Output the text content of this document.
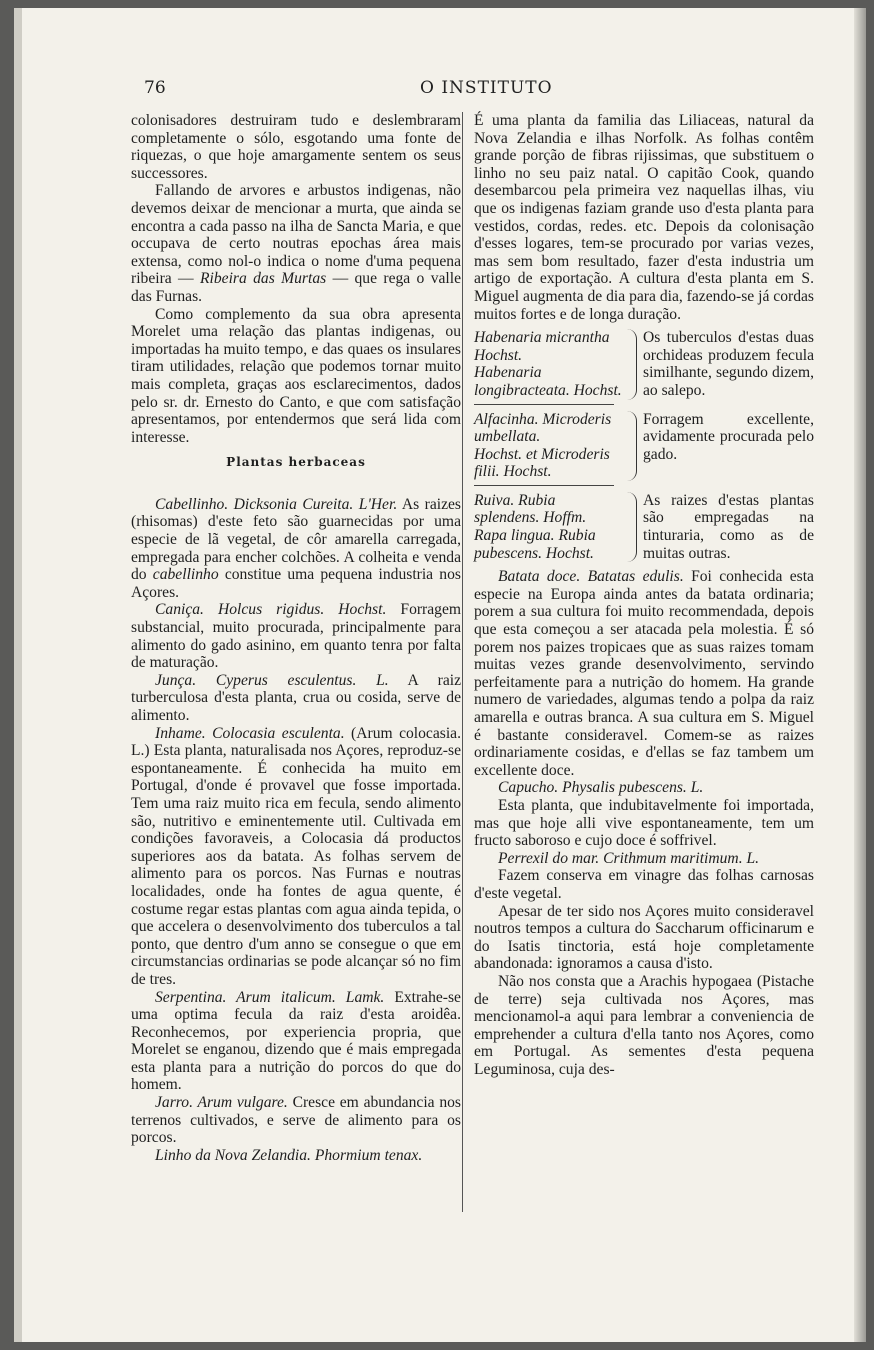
76	O INSTITUTO

colonisadores destruiram tudo e deslembraram completamente o sólo, esgotando uma fonte de riquezas, o que hoje amargamente sentem os seus successores.

Fallando de arvores e arbustos indigenas, não devemos deixar de mencionar a murta, que ainda se encontra a cada passo na ilha de Sancta Maria, e que occupava de certo noutras epochas área mais extensa, como nol-o indica o nome d'uma pequena ribeira — Ribeira das Murtas — que rega o valle das Furnas.

Como complemento da sua obra apresenta Morelet uma relação das plantas indigenas, ou importadas ha muito tempo, e das quaes os insulares tiram utilidades, relação que podemos tornar muito mais completa, graças aos esclarecimentos, dados pelo sr. dr. Ernesto do Canto, e que com satisfação apresentamos, por entendermos que será lida com interesse.

Plantas herbaceas

Cabellinho. Dicksonia Cureita. L'Her. As raizes (rhisomas) d'este feto são guarnecidas por uma especie de lã vegetal, de côr amarella carregada, empregada para encher colchões. A colheita e venda do cabellinho constitue uma pequena industria nos Açores.

Caniça. Holcus rigidus. Hochst. Forragem substancial, muito procurada, principalmente para alimento do gado asinino, em quanto tenra por falta de maturação.

Junça. Cyperus esculentus. L. A raiz turberculosa d'esta planta, crua ou cosida, serve de alimento.

Inhame. Colocasia esculenta. (Arum colocasia. L.) Esta planta, naturalisada nos Açores, reproduz-se espontaneamente. É conhecida ha muito em Portugal, d'onde é provavel que fosse importada. Tem uma raiz muito rica em fecula, sendo alimento são, nutritivo e eminentemente util. Cultivada em condições favoraveis, a Colocasia dá productos superiores aos da batata. As folhas servem de alimento para os porcos. Nas Furnas e noutras localidades, onde ha fontes de agua quente, é costume regar estas plantas com agua ainda tepida, o que accelera o desenvolvimento dos tuberculos a tal ponto, que dentro d'um anno se consegue o que em circumstancias ordinarias se pode alcançar só no fim de tres.

Serpentina. Arum italicum. Lamk. Extrahe-se uma optima fecula da raiz d'esta aroidêa. Reconhecemos, por experiencia propria, que Morelet se enganou, dizendo que é mais empregada esta planta para a nutrição do porcos do que do homem.

Jarro. Arum vulgare. Cresce em abundancia nos terrenos cultivados, e serve de alimento para os porcos.

Linho da Nova Zelandia. Phormium tenax.

É uma planta da familia das Liliaceas, natural da Nova Zelandia e ilhas Norfolk. As folhas contêm grande porção de fibras rijissimas, que substituem o linho no seu paiz natal. O capitão Cook, quando desembarcou pela primeira vez naquellas ilhas, viu que os indigenas faziam grande uso d'esta planta para vestidos, cordas, redes. etc. Depois da colonisação d'esses logares, tem-se procurado por varias vezes, mas sem bom resultado, fazer d'esta industria um artigo de exportação. A cultura d'esta planta em S. Miguel augmenta de dia para dia, fazendo-se já cordas muitos fortes e de longa duração.

Habenaria micrantha Hochst.
Habenaria longibracteata. Hochst.
Os tuberculos d'estas duas orchideas produzem fecula similhante, segundo dizem, ao salepo.
Alfacinha. Microderis umbellata.
Hochst. et Microderis filii. Hochst.
Forragem excellente, avidamente procurada pelo gado.
Ruiva. Rubia splendens. Hoffm.
Rapa lingua. Rubia pubescens. Hochst.
As raizes d'estas plantas são empregadas na tinturaria, como as de muitas outras.

Batata doce. Batatas edulis. Foi conhecida esta especie na Europa ainda antes da batata ordinaria; porem a sua cultura foi muito recommendada, depois que esta começou a ser atacada pela molestia. É só porem nos paizes tropicaes que as suas raizes tomam muitas vezes grande desenvolvimento, servindo perfeitamente para a nutrição do homem. Ha grande numero de variedades, algumas tendo a polpa da raiz amarella e outras branca. A sua cultura em S. Miguel é bastante consideravel. Comem-se as raizes ordinariamente cosidas, e d'ellas se faz tambem um excellente doce.

Capucho. Physalis pubescens. L.

Esta planta, que indubitavelmente foi importada, mas que hoje alli vive espontaneamente, tem um fructo saboroso e cujo doce é soffrivel.

Perrexil do mar. Crithmum maritimum. L.

Fazem conserva em vinagre das folhas carnosas d'este vegetal.

Apesar de ter sido nos Açores muito consideravel noutros tempos a cultura do Saccharum officinarum e do Isatis tinctoria, está hoje completamente abandonada: ignoramos a causa d'isto.

Não nos consta que a Arachis hypogaea (Pistache de terre) seja cultivada nos Açores, mas mencionamol-a aqui para lembrar a conveniencia de emprehender a cultura d'ella tanto nos Açores, como em Portugal. As sementes d'esta pequena Leguminosa, cuja des-
